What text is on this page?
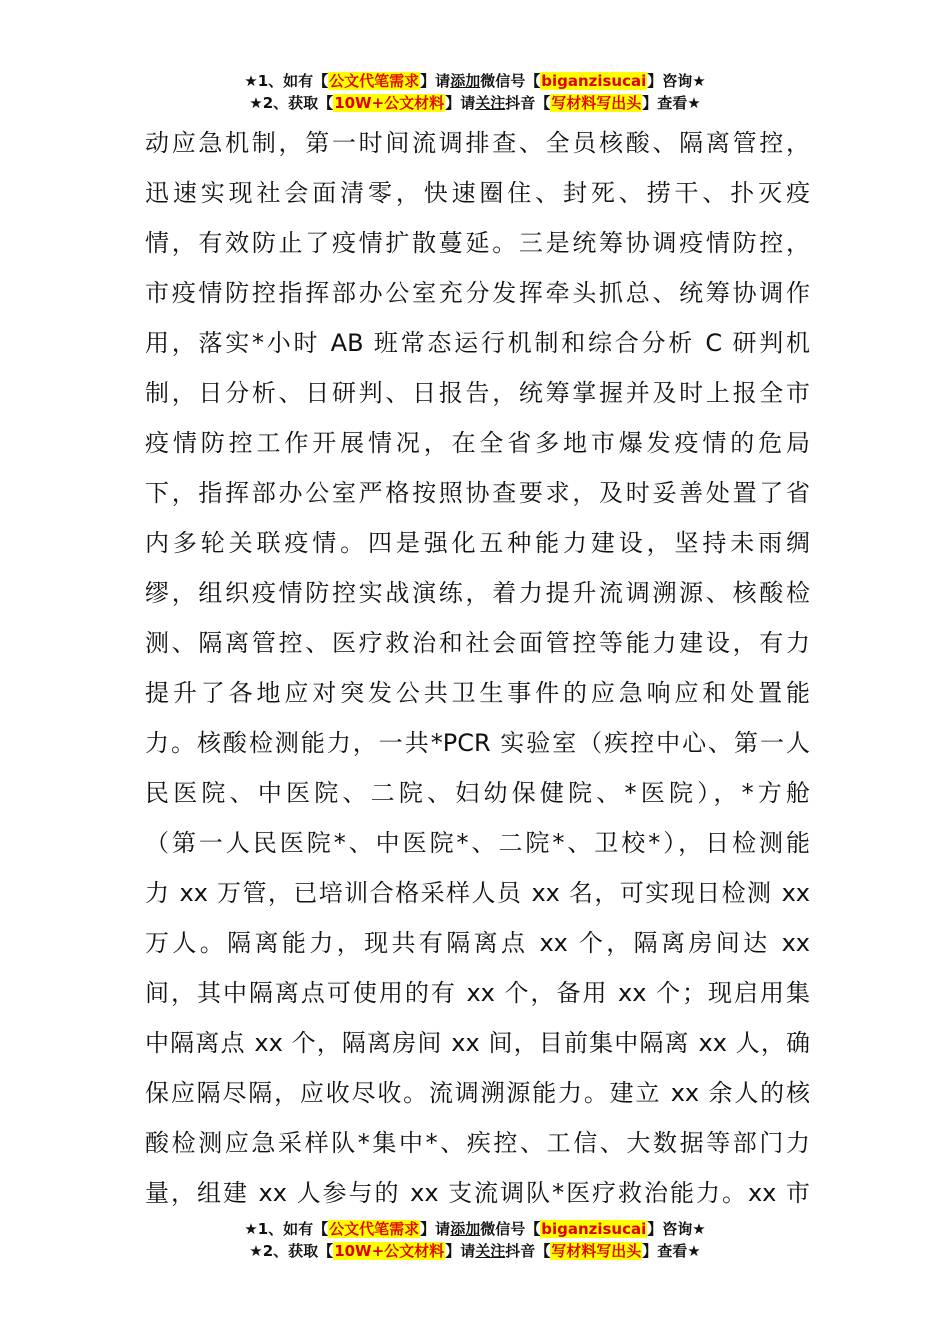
★1、如有【公文代笔需求】请添加微信号【biganzisucai】咨询★
★2、获取【10W+公文材料】请关注抖音【写材料写出头】查看★
动应急机制，第一时间流调排查、全员核酸、隔离管控，
迅速实现社会面清零，快速圈住、封死、捞干、扑灭疫
情，有效防止了疫情扩散蔓延。三是统筹协调疫情防控，
市疫情防控指挥部办公室充分发挥牵头抓总、统筹协调作
用，落实*小时 AB 班常态运行机制和综合分析 C 研判机
制，日分析、日研判、日报告，统筹掌握并及时上报全市
疫情防控工作开展情况，在全省多地市爆发疫情的危局
下，指挥部办公室严格按照协查要求，及时妥善处置了省
内多轮关联疫情。四是强化五种能力建设，坚持未雨绸
缪，组织疫情防控实战演练，着力提升流调溯源、核酸检
测、隔离管控、医疗救治和社会面管控等能力建设，有力
提升了各地应对突发公共卫生事件的应急响应和处置能
力。核酸检测能力，一共*PCR 实验室（疾控中心、第一人
民医院、中医院、二院、妇幼保健院、*医院），*方舱
（第一人民医院*、中医院*、二院*、卫校*），日检测能
力 xx 万管，已培训合格采样人员 xx 名，可实现日检测 xx
万人。隔离能力，现共有隔离点 xx 个，隔离房间达 xx
间，其中隔离点可使用的有 xx 个，备用 xx 个；现启用集
中隔离点 xx 个，隔离房间 xx 间，目前集中隔离 xx 人，确
保应隔尽隔，应收尽收。流调溯源能力。建立 xx 余人的核
酸检测应急采样队*集中*、疾控、工信、大数据等部门力
量，组建 xx 人参与的 xx 支流调队*医疗救治能力。xx 市
★1、如有【公文代笔需求】请添加微信号【biganzisucai】咨询★
★2、获取【10W+公文材料】请关注抖音【写材料写出头】查看★
